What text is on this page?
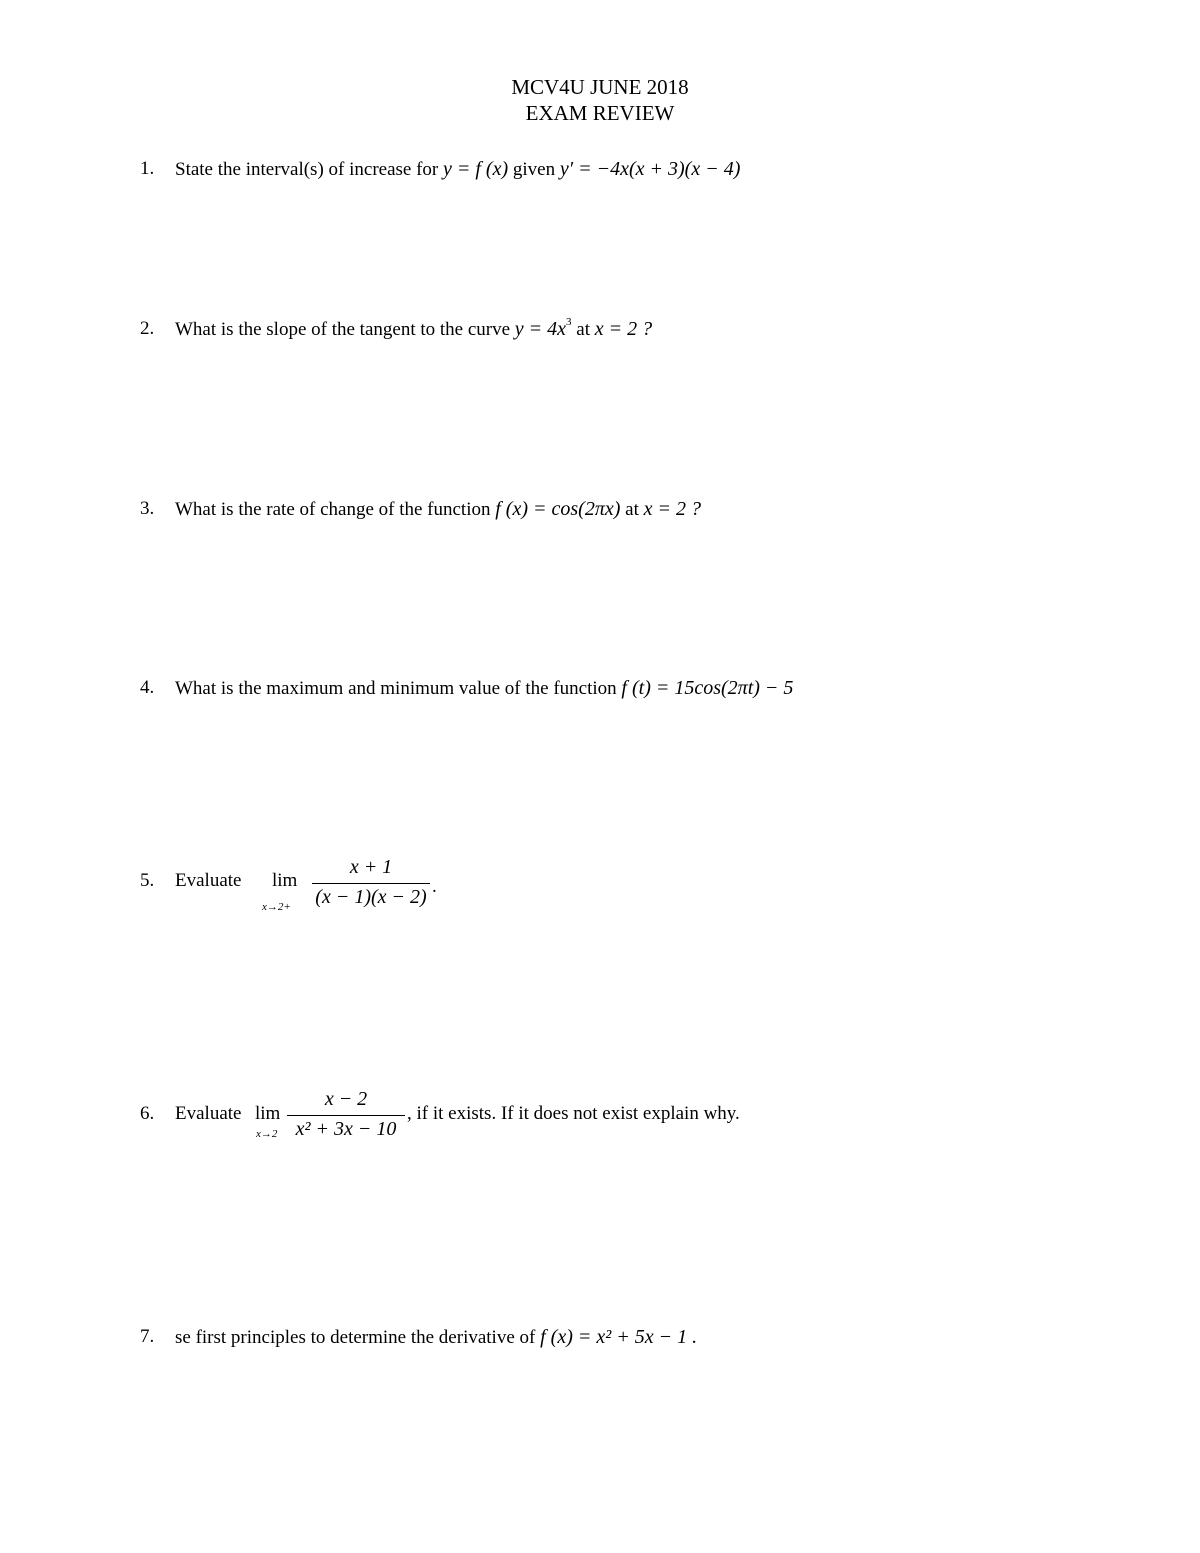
MCV4U JUNE 2018
EXAM REVIEW
1. State the interval(s) of increase for y = f (x) given y′ = −4x(x + 3)(x − 4)
2. What is the slope of the tangent to the curve $y = 4x^3$ at x = 2 ?
3. What is the rate of change of the function f (x) = cos(2πx) at x = 2 ?
4. What is the maximum and minimum value of the function f (t) = 15cos(2πt) − 5
5. Evaluate lim
x→2+
x + 1
(x − 1)(x − 2) .
6. Evaluate lim
x→2
x − 2
x² + 3x − 10
, if it exists. If it does not exist explain why.
7. se first principles to determine the derivative of f (x) = x² + 5x − 1 .
